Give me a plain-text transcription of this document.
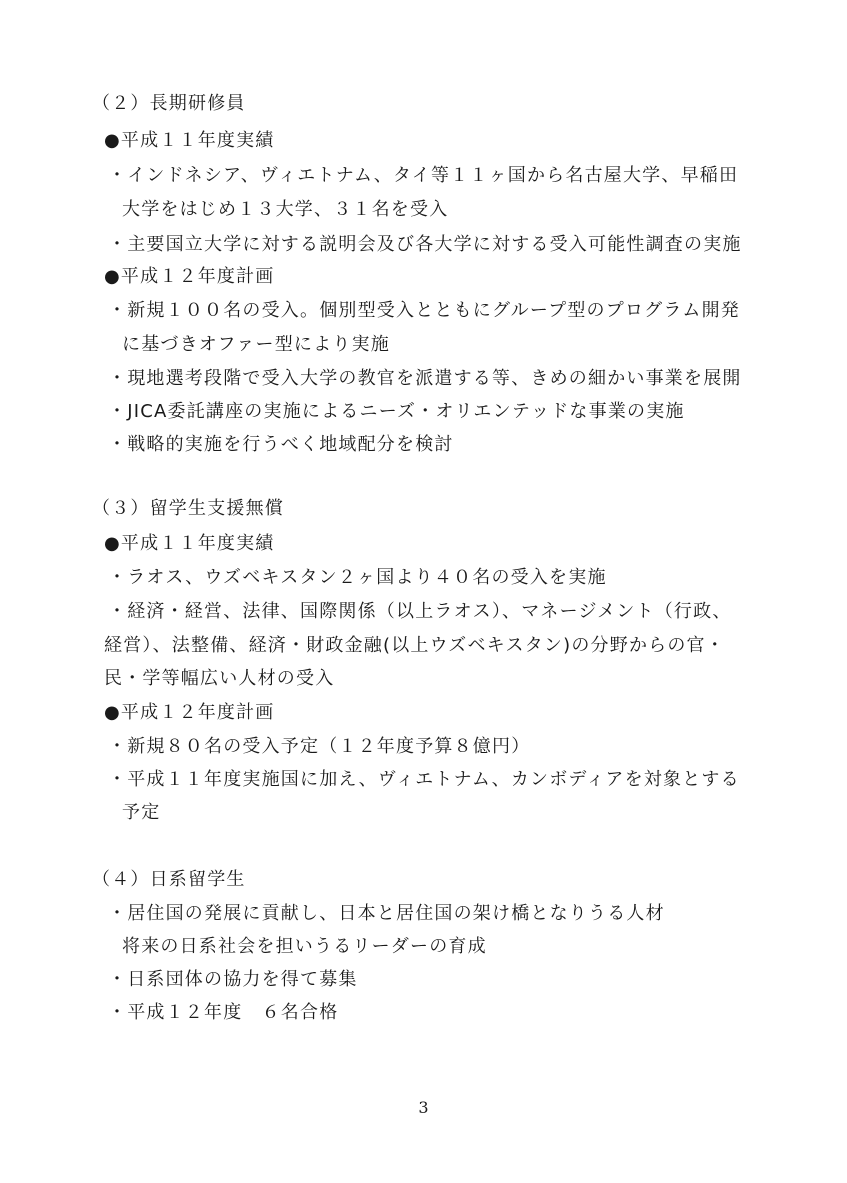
（２）長期研修員
●平成１１年度実績
・インドネシア、ヴィエトナム、タイ等１１ヶ国から名古屋大学、早稲田
大学をはじめ１３大学、３１名を受入
・主要国立大学に対する説明会及び各大学に対する受入可能性調査の実施
●平成１２年度計画
・新規１００名の受入。個別型受入とともにグループ型のプログラム開発
に基づきオファー型により実施
・現地選考段階で受入大学の教官を派遣する等、きめの細かい事業を展開
・JICA委託講座の実施によるニーズ・オリエンテッドな事業の実施
・戦略的実施を行うべく地域配分を検討
（３）留学生支援無償
●平成１１年度実績
・ラオス、ウズベキスタン２ヶ国より４０名の受入を実施
・経済・経営、法律、国際関係（以上ラオス）、マネージメント（行政、
経営）、法整備、経済・財政金融(以上ウズベキスタン)の分野からの官・
民・学等幅広い人材の受入
●平成１２年度計画
・新規８０名の受入予定（１２年度予算８億円）
・平成１１年度実施国に加え、ヴィエトナム、カンボディアを対象とする
予定
（４）日系留学生
・居住国の発展に貢献し、日本と居住国の架け橋となりうる人材
将来の日系社会を担いうるリーダーの育成
・日系団体の協力を得て募集
・平成１２年度　６名合格
3
